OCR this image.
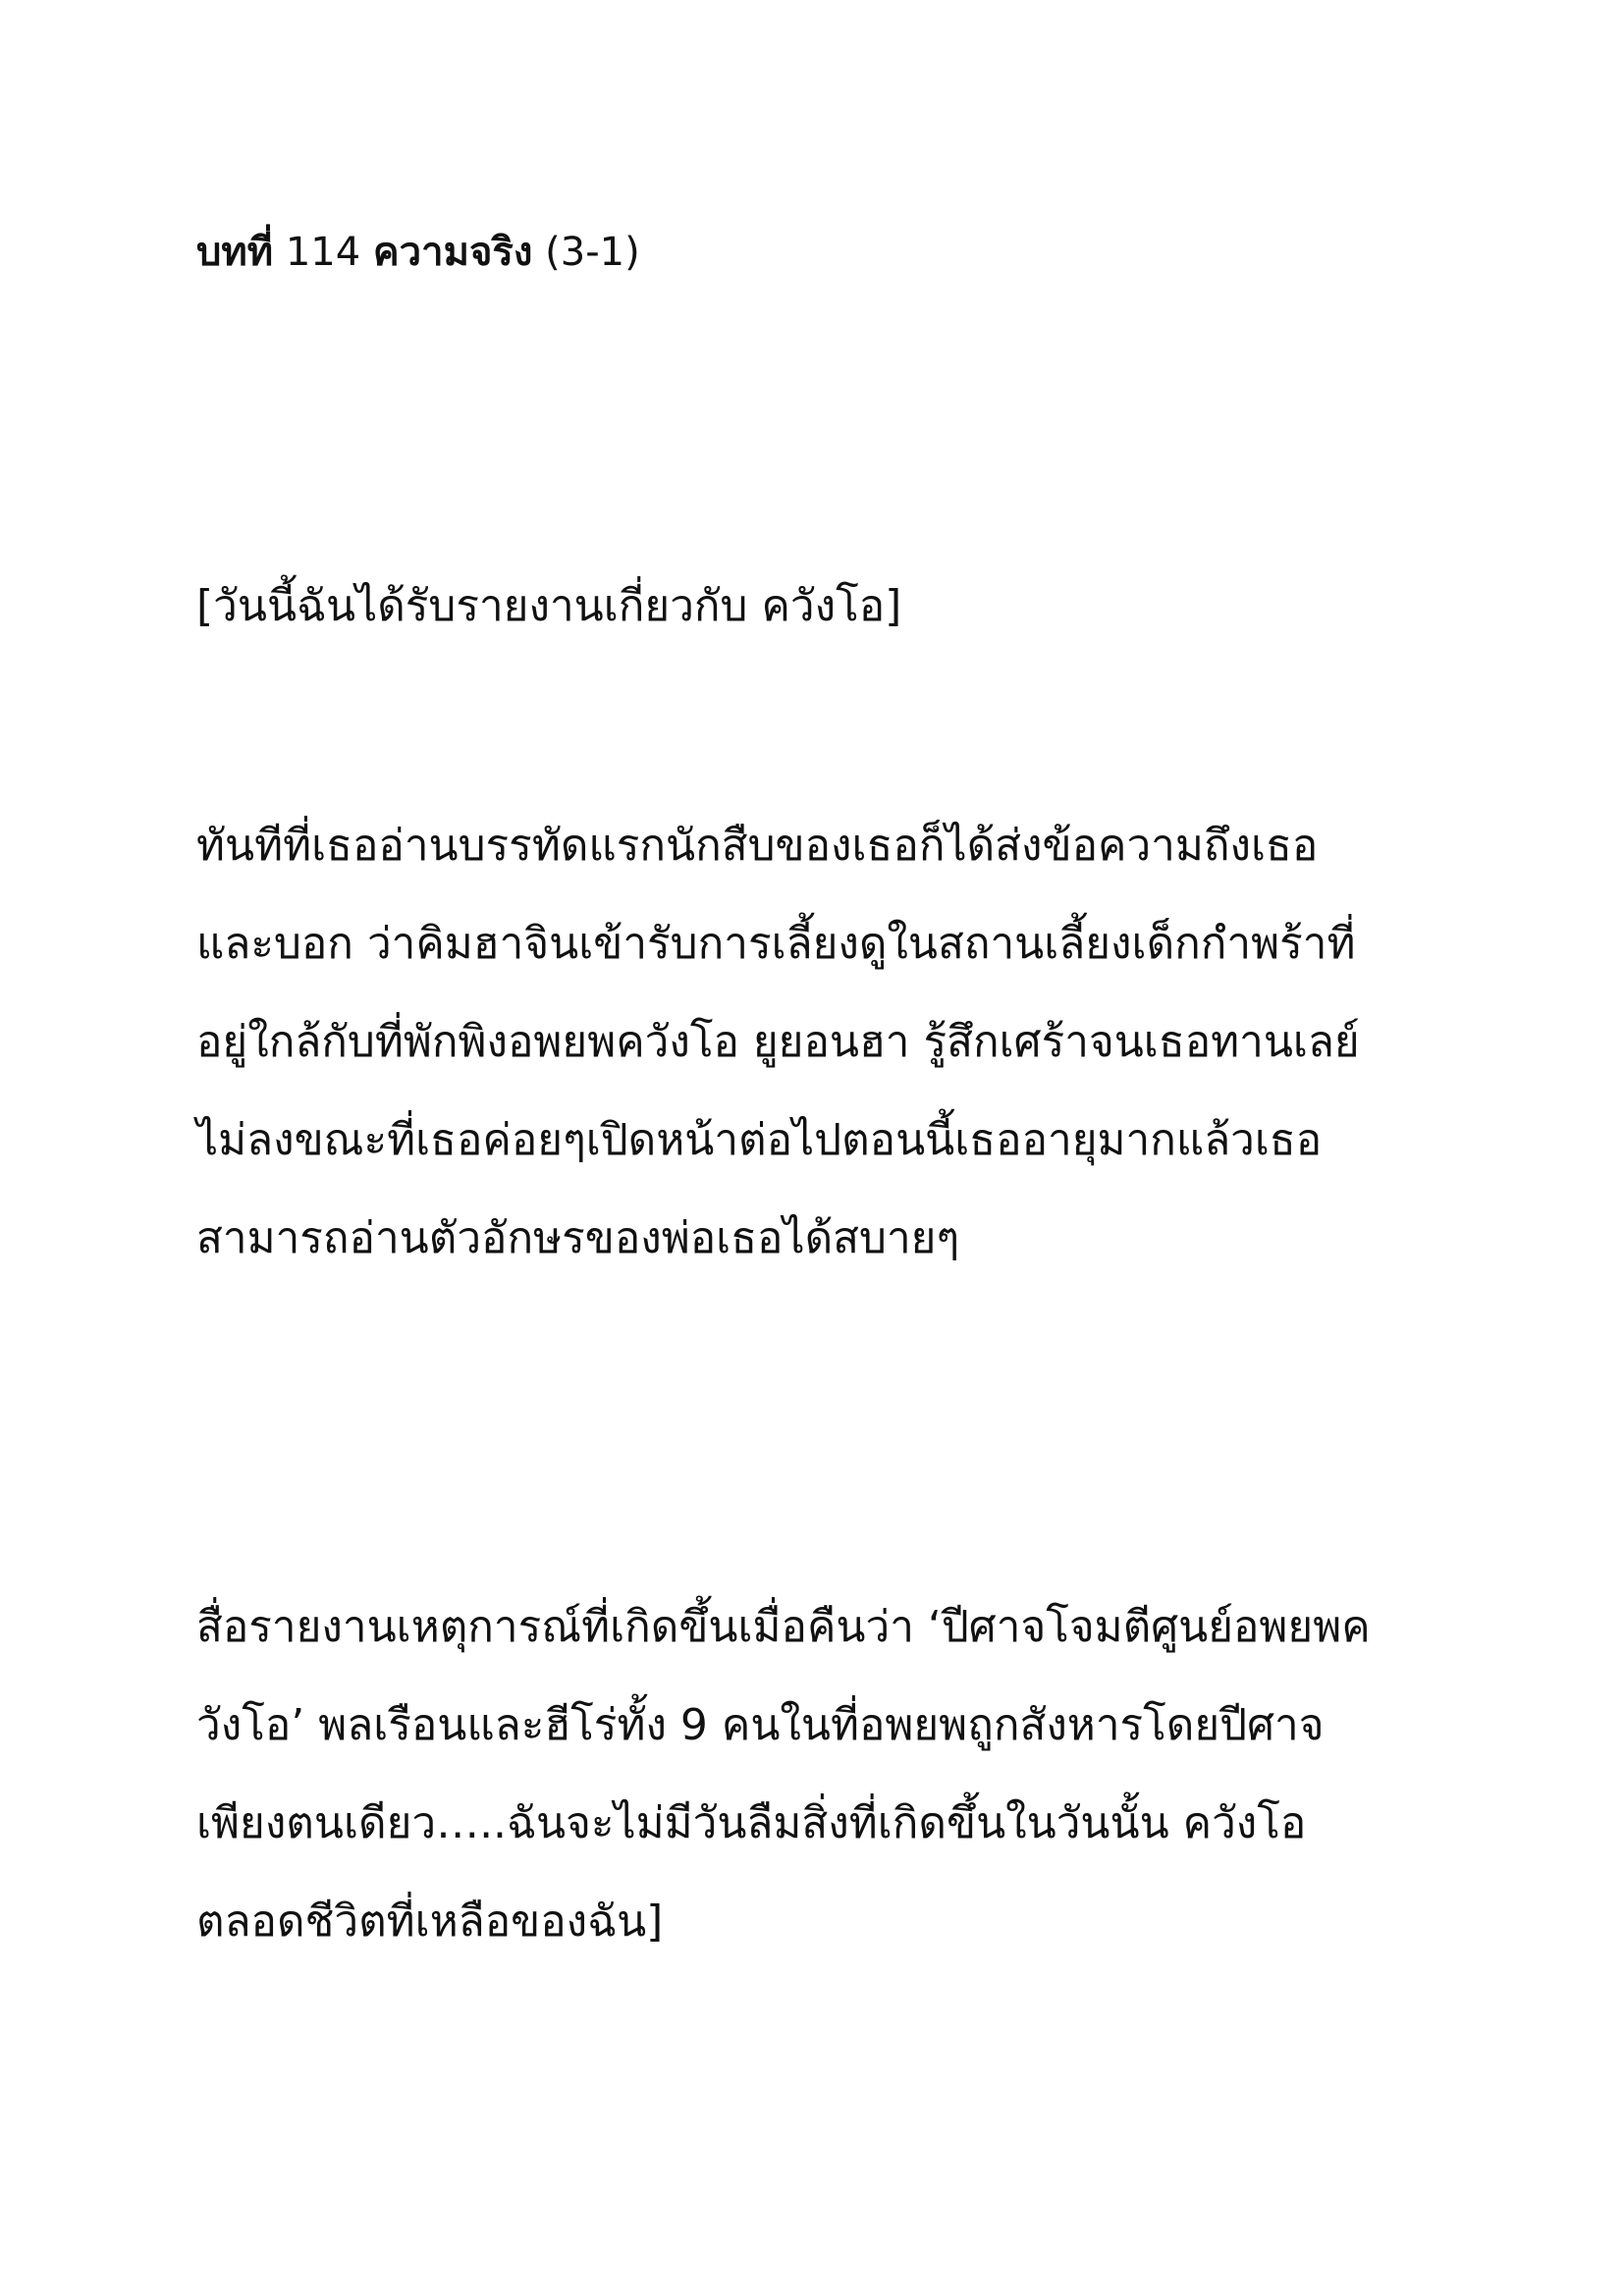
บทที่ 114 ความจริง (3-1)

[วันนี้ฉันได้รับรายงานเกี่ยวกับ ควังโอ]

ทันทีที่เธออ่านบรรทัดแรกนักสืบของเธอก็ได้ส่งข้อความถึงเธอ
และบอก ว่าคิมฮาจินเข้ารับการเลี้ยงดูในสถานเลี้ยงเด็กกำพร้าที่
อยู่ใกล้กับที่พักพิงอพยพควังโอ ยูยอนฮา รู้สึกเศร้าจนเธอทานเลย์
ไม่ลงขณะที่เธอค่อยๆเปิดหน้าต่อไปตอนนี้เธออายุมากแล้วเธอ
สามารถอ่านตัวอักษรของพ่อเธอได้สบายๆ

สื่อรายงานเหตุการณ์ที่เกิดขึ้นเมื่อคืนว่า ‘ปีศาจโจมตีศูนย์อพยพค
วังโอ’ พลเรือนและฮีโร่ทั้ง 9 คนในที่อพยพถูกสังหารโดยปีศาจ
เพียงตนเดียว…..ฉันจะไม่มีวันลืมสิ่งที่เกิดขึ้นในวันนั้น ควังโอ
ตลอดชีวิตที่เหลือของฉัน]
